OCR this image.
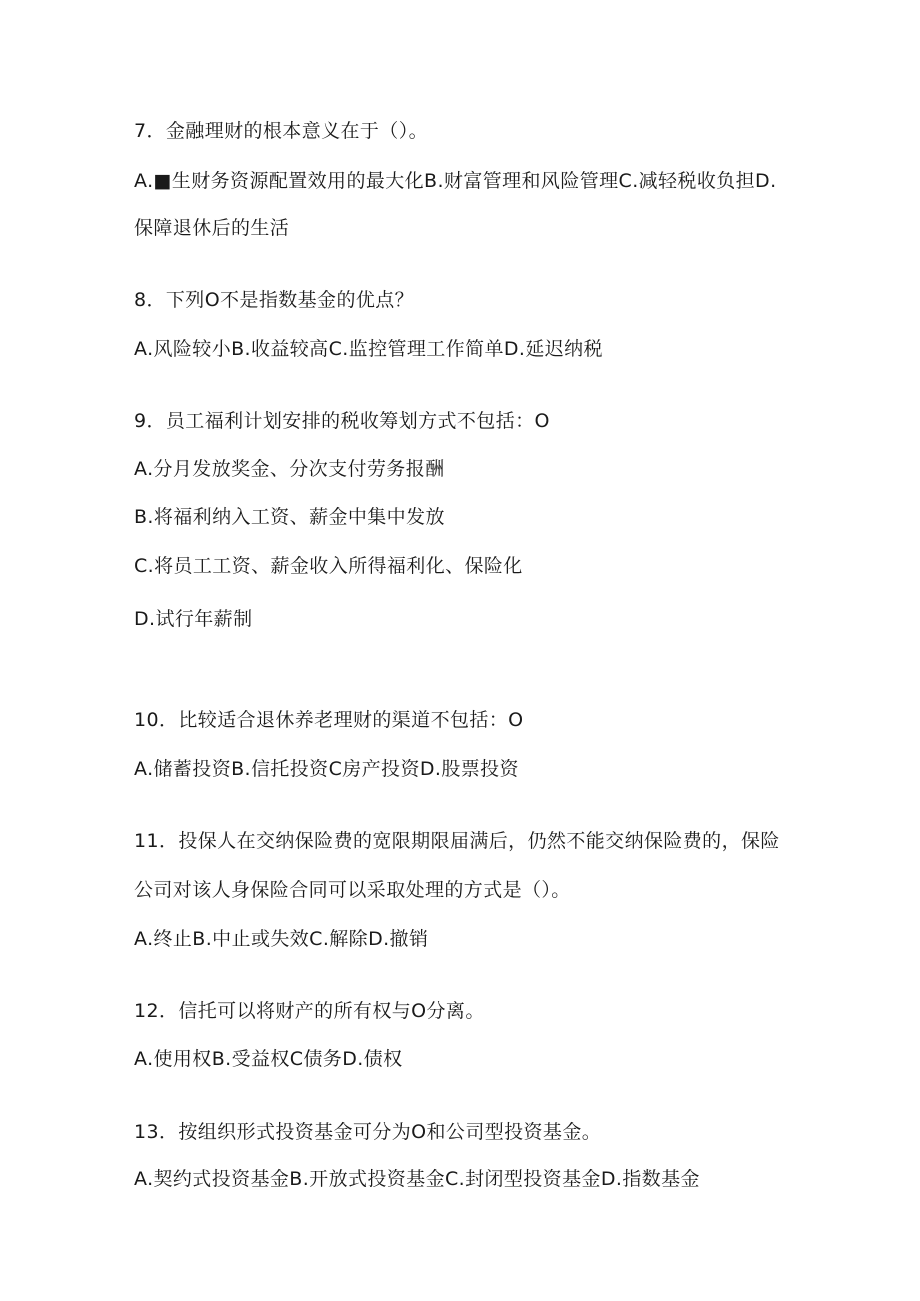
7．金融理财的根本意义在于（）。
A.■生财务资源配置效用的最大化B.财富管理和风险管理C.减轻税收负担D.
保障退休后的生活
8．下列O不是指数基金的优点？
A.风险较小B.收益较高C.监控管理工作简单D.延迟纳税
9．员工福利计划安排的税收筹划方式不包括：O
A.分月发放奖金、分次支付劳务报酬
B.将福利纳入工资、薪金中集中发放
C.将员工工资、薪金收入所得福利化、保险化
D.试行年薪制
10．比较适合退休养老理财的渠道不包括：O
A.储蓄投资B.信托投资C房产投资D.股票投资
11．投保人在交纳保险费的宽限期限届满后，仍然不能交纳保险费的，保险
公司对该人身保险合同可以采取处理的方式是（）。
A.终止B.中止或失效C.解除D.撤销
12．信托可以将财产的所有权与O分离。
A.使用权B.受益权C债务D.债权
13．按组织形式投资基金可分为O和公司型投资基金。
A.契约式投资基金B.开放式投资基金C.封闭型投资基金D.指数基金
